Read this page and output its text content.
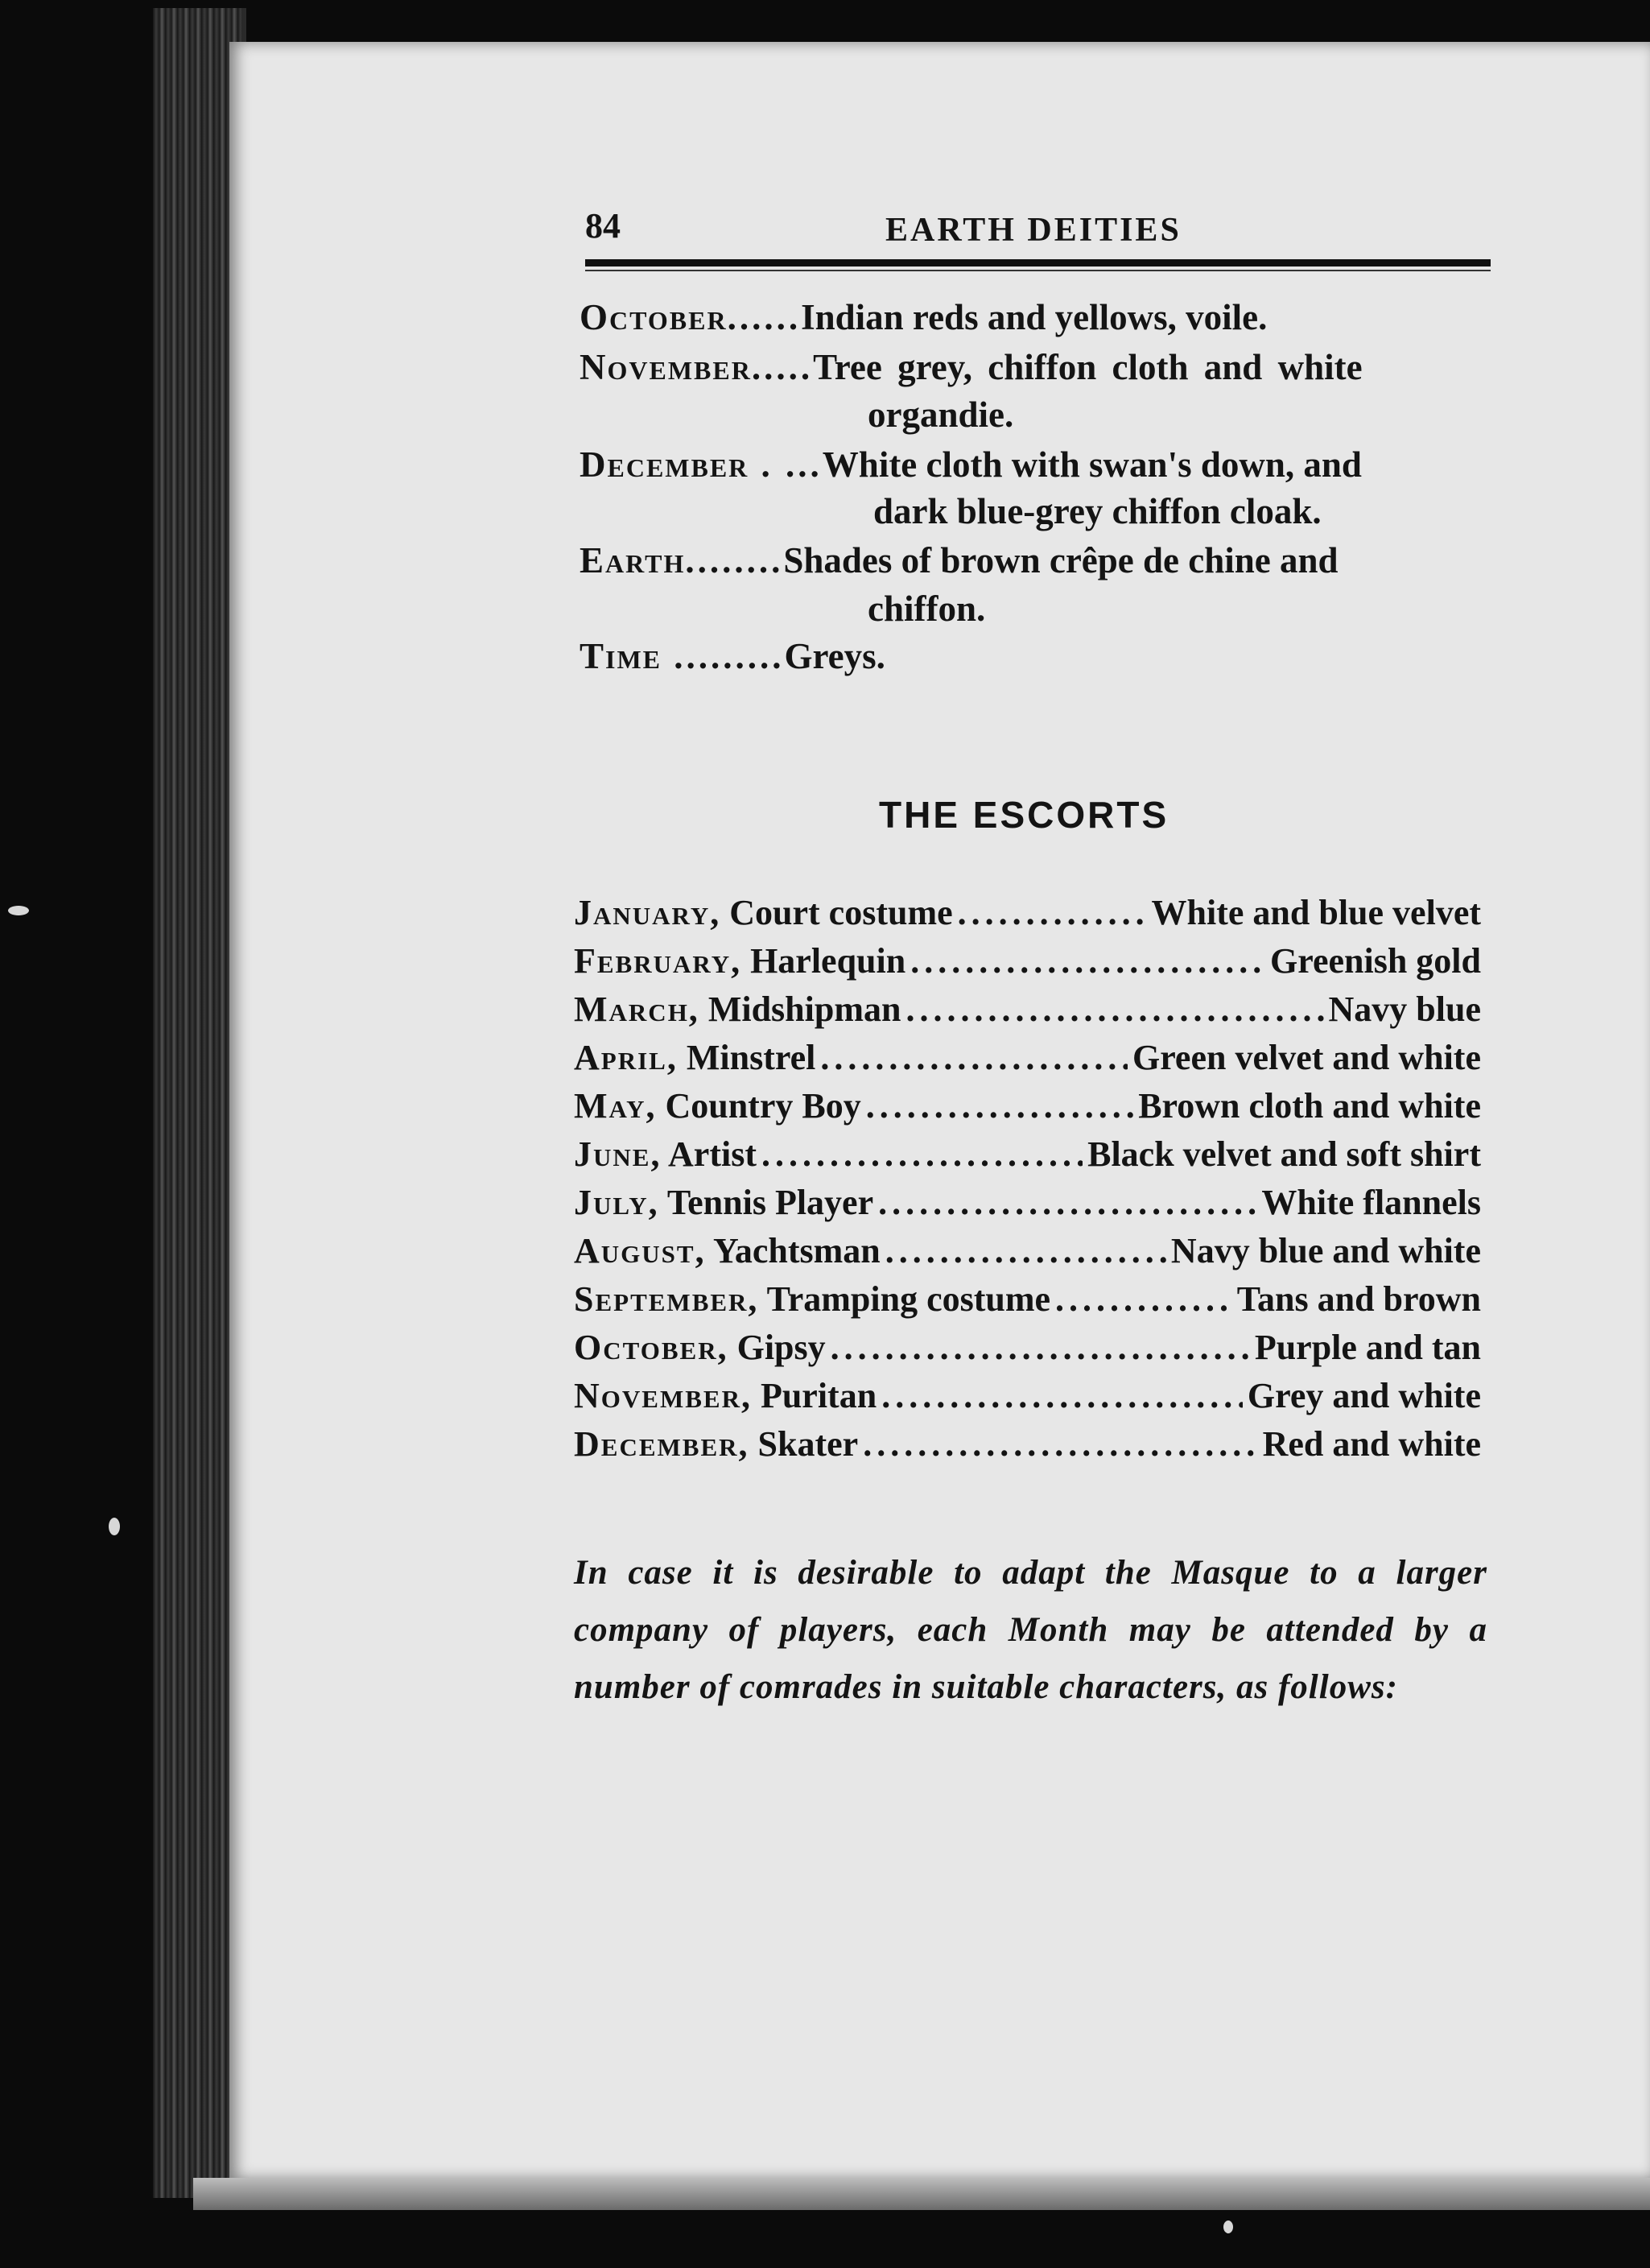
84	EARTH DEITIES
October......Indian reds and yellows, voile.
November.....Tree grey, chiffon cloth and white
organdie.
December . ...White cloth with swan's down, and
dark blue-grey chiffon cloak.
Earth........Shades of brown crêpe de chine and
chiffon.
Time .........Greys.
THE ESCORTS
January, Court costume .....	White and blue velvet
February, Harlequin .....	Greenish gold
March, Midshipman .....	Navy blue
April, Minstrel .....	Green velvet and white
May, Country Boy .....	Brown cloth and white
June, Artist .....	Black velvet and soft shirt
July, Tennis Player .....	White flannels
August, Yachtsman .....	Navy blue and white
September, Tramping costume .....	Tans and brown
October, Gipsy .....	Purple and tan
November, Puritan .....	Grey and white
December, Skater .....	Red and white
In case it is desirable to adapt the Masque to a larger company of players, each Month may be attended by a number of comrades in suitable characters, as follows:
